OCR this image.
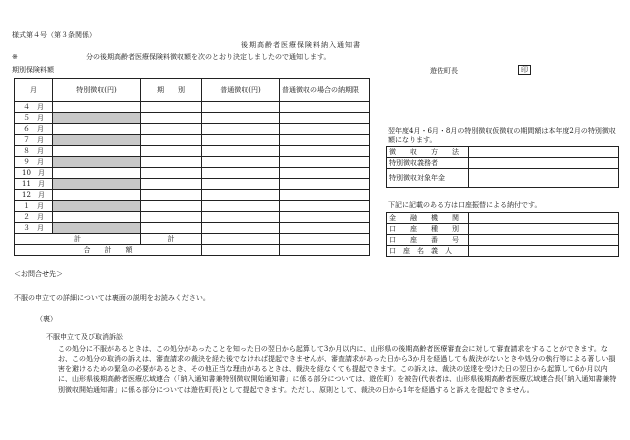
様式第４号（第３条関係）
後期高齢者医療保険料納入通知書
※	分の後期高齢者医療保険料徴収額を次のとおり決定しましたので通知します。
期別保険料額	遊佐町長	印
月	特別徴収(円)	期　　別	普通徴収(円)	普通徴収の場合の納期限
４　月				
５　月				
６　月				
７　月				
８　月				
９　月				
10　月				
11　月				
12　月				
１　月				
２　月				
３　月				
計		計		
合　　計　　額				
翌年度4月・6月・8月の特別徴収仮徴収の期間額は本年度2月の特別徴収額になります。
徴　　収　　方　　法	
特別徴収義務者	
特別徴収対象年金	
下記に記載のある方は口座振替による納付です。
金　　融　　機　　関	
口　　座　　種　　別	
口　　座　　番　　号	
口　座　名　義　人	
＜お問合せ先＞
不服の申立ての詳細については裏面の説明をお読みください。
（裏）
不服申立て及び取消訴訟
この処分に不服があるときは、この処分があったことを知った日の翌日から起算して3か月以内に、山形県の後期高齢者医療審査会に対して審査請求をすることができます。なお、この処分の取消の訴えは、審査請求の裁決を経た後でなければ提起できませんが、審査請求があった日から3か月を経過しても裁決がないときや処分の執行等による著しい損害を避けるための緊急の必要があるとき、その他正当な理由があるときは、裁決を経なくても提起できます。この訴えは、裁決の送達を受けた日の翌日から起算して6か月以内に、山形県後期高齢者医療広域連合（「納入通知書兼特別徴収開始通知書」に係る部分については、遊佐町）を被告(代表者は、山形県後期高齢者医療広域連合長(「納入通知書兼特別徴収開始通知書」に係る部分については遊佐町長)として提起できます。ただし、原則として、裁決の日から1年を経過すると訴えを提起できません。
